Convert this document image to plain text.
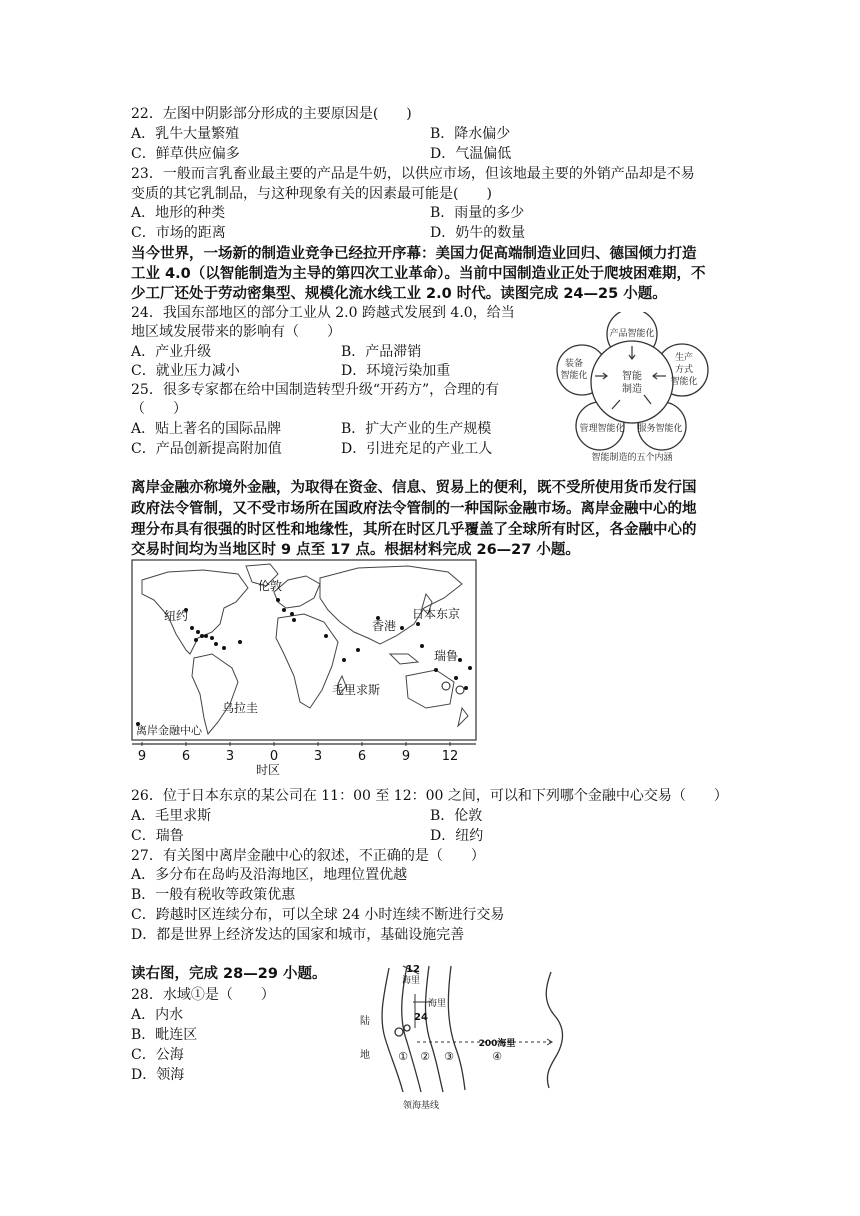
22．左图中阴影部分形成的主要原因是(　　)
A．乳牛大量繁殖	B．降水偏少
C．鲜草供应偏多	D．气温偏低
23．一般而言乳畜业最主要的产品是牛奶，以供应市场，但该地最主要的外销产品却是不易
变质的其它乳制品，与这种现象有关的因素最可能是(　　)
A．地形的种类	B．雨量的多少
C．市场的距离	D．奶牛的数量
当今世界，一场新的制造业竞争已经拉开序幕：美国力促高端制造业回归、德国倾力打造
工业 4.0（以智能制造为主导的第四次工业革命）。当前中国制造业正处于爬坡困难期，不
少工厂还处于劳动密集型、规模化流水线工业 2.0 时代。读图完成 24—25 小题。
24．我国东部地区的部分工业从 2.0 跨越式发展到 4.0，给当
地区域发展带来的影响有（　　）
A．产业升级	B．产品滞销
C．就业压力减小	D．环境污染加重
25．很多专家都在给中国制造转型升级“开药方”，合理的有
（　　）
A．贴上著名的国际品牌	B．扩大产业的生产规模
C．产品创新提高附加值	D．引进充足的产业工人
产品智能化
生产
方式
智能化
服务智能化
管理智能化
装备
智能化	智能
制造
智能制造的五个内涵
离岸金融亦称境外金融，为取得在资金、信息、贸易上的便利，既不受所使用货币发行国
政府法令管制，又不受市场所在国政府法令管制的一种国际金融市场。离岸金融中心的地
理分布具有很强的时区性和地缘性，其所在时区几乎覆盖了全球所有时区，各金融中心的
交易时间均为当地区时 9 点至 17 点。根据材料完成 26—27 小题。
伦敦
纽约	日本东京
香港
瑞鲁
毛里求斯
乌拉圭
离岸金融中心
9	6	3	0	3	6	9 12
时区
26．位于日本东京的某公司在 11：00 至 12：00 之间，可以和下列哪个金融中心交易（　　）
A．毛里求斯	B．伦敦
C．瑞鲁	D．纽约
27．有关图中离岸金融中心的叙述，不正确的是（　　）
A．多分布在岛屿及沿海地区，地理位置优越
B．一般有税收等政策优惠
C．跨越时区连续分布，可以全球 24 小时连续不断进行交易
D．都是世界上经济发达的国家和城市，基础设施完善
读右图，完成 28—29 小题。
28．水域①是（　　）
A．内水
B．毗连区
C．公海
D．领海
12
海里
海里
24
200海里
① ② ③	④
陆
地
领海基线
